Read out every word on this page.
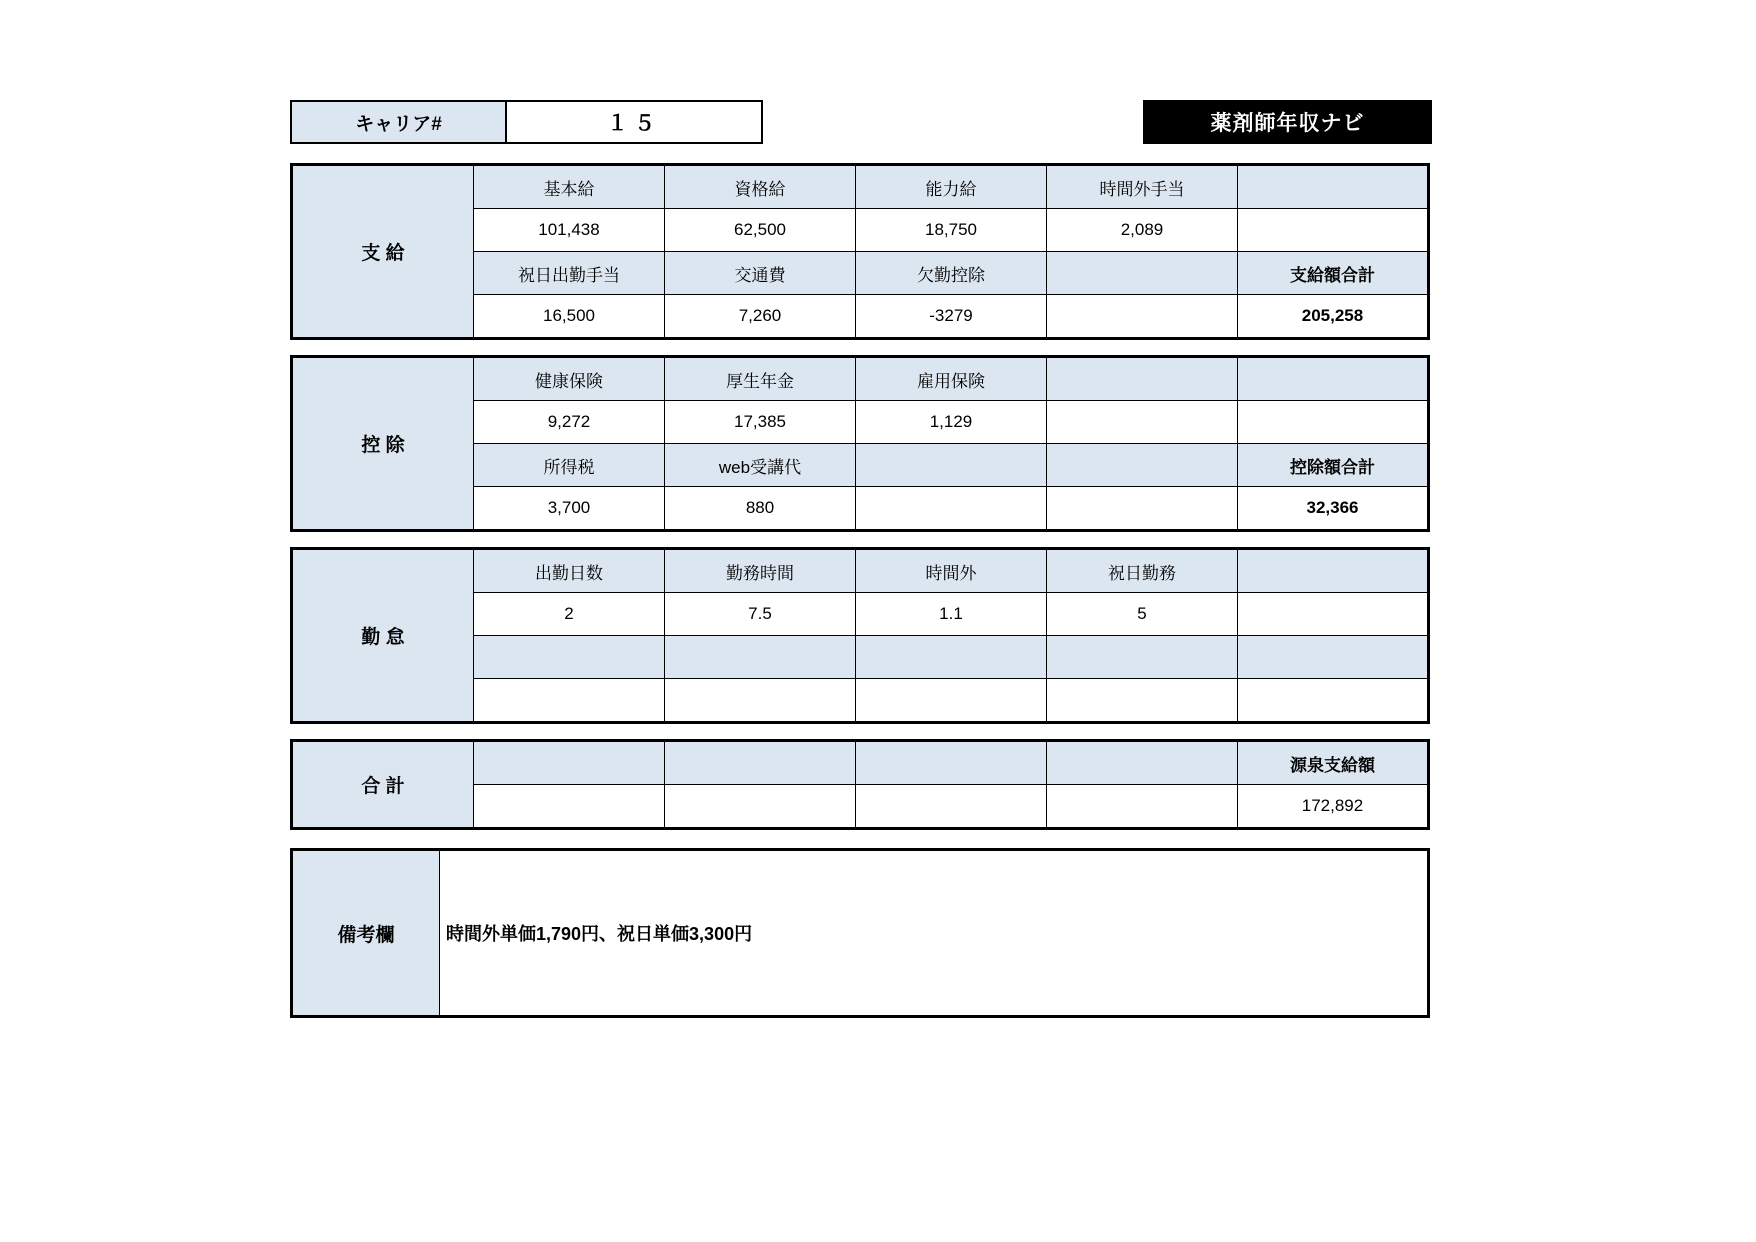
キャリア#	１５	薬剤師年収ナビ
支 給	基本給	資格給	能力給	時間外手当	
	101,438	62,500	18,750	2,089	
	祝日出勤手当	交通費	欠勤控除		支給額合計
	16,500	7,260	-3279		205,258
控 除	健康保険	厚生年金	雇用保険		
	9,272	17,385	1,129		
	所得税	web受講代			控除額合計
	3,700	880			32,366
勤 怠	出勤日数	勤務時間	時間外	祝日勤務	
	2	7.5	1.1	5	

合 計					源泉支給額
					172,892
備考欄	時間外単価1,790円、祝日単価3,300円
